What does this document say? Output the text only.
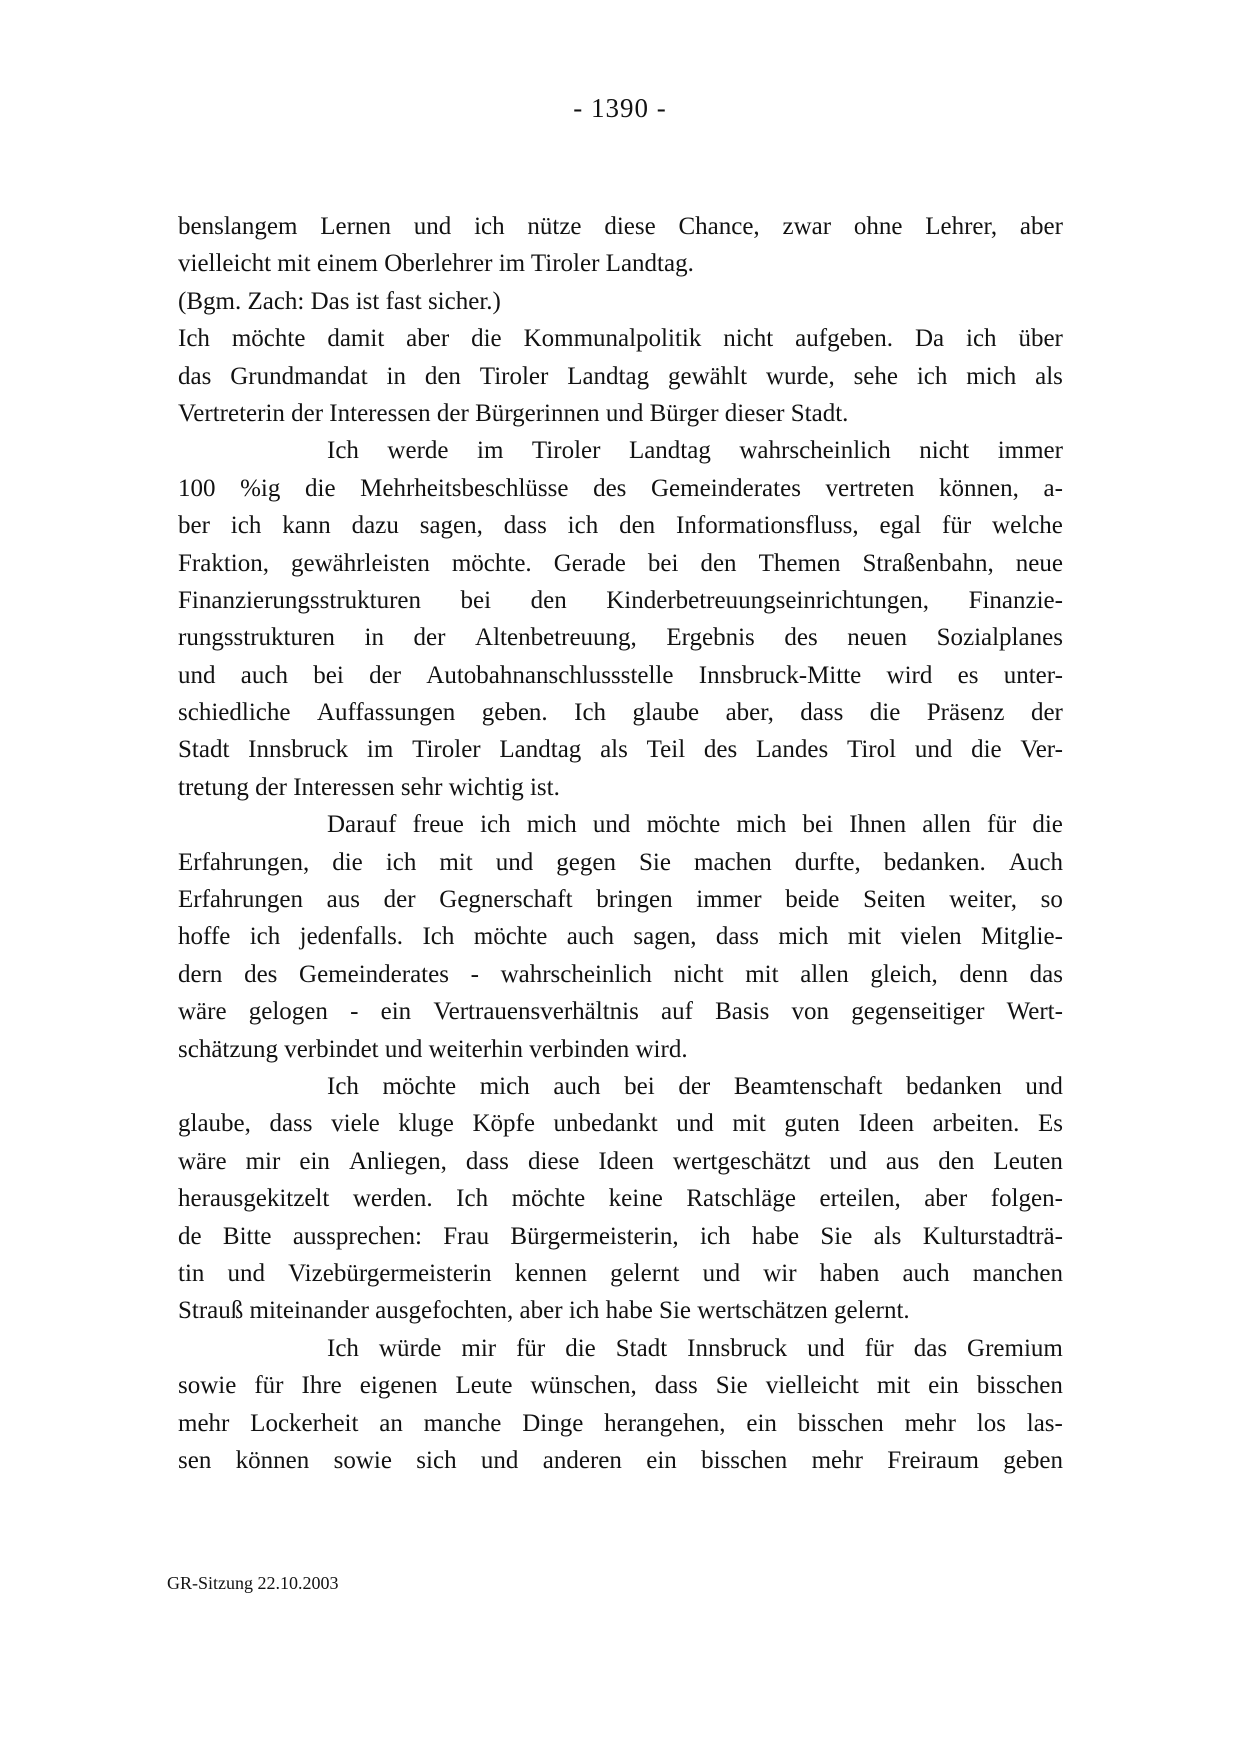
- 1390 -
benslangem Lernen und ich nütze diese Chance, zwar ohne Lehrer, aber
vielleicht mit einem Oberlehrer im Tiroler Landtag.
(Bgm. Zach: Das ist fast sicher.)
Ich möchte damit aber die Kommunalpolitik nicht aufgeben. Da ich über
das Grundmandat in den Tiroler Landtag gewählt wurde, sehe ich mich als
Vertreterin der Interessen der Bürgerinnen und Bürger dieser Stadt.
Ich werde im Tiroler Landtag wahrscheinlich nicht immer
100 %ig die Mehrheitsbeschlüsse des Gemeinderates vertreten können, a-
ber ich kann dazu sagen, dass ich den Informationsfluss, egal für welche
Fraktion, gewährleisten möchte. Gerade bei den Themen Straßenbahn, neue
Finanzierungsstrukturen bei den Kinderbetreuungseinrichtungen, Finanzie-
rungsstrukturen in der Altenbetreuung, Ergebnis des neuen Sozialplanes
und auch bei der Autobahnanschlussstelle Innsbruck-Mitte wird es unter-
schiedliche Auffassungen geben. Ich glaube aber, dass die Präsenz der
Stadt Innsbruck im Tiroler Landtag als Teil des Landes Tirol und die Ver-
tretung der Interessen sehr wichtig ist.
Darauf freue ich mich und möchte mich bei Ihnen allen für die
Erfahrungen, die ich mit und gegen Sie machen durfte, bedanken. Auch
Erfahrungen aus der Gegnerschaft bringen immer beide Seiten weiter, so
hoffe ich jedenfalls. Ich möchte auch sagen, dass mich mit vielen Mitglie-
dern des Gemeinderates - wahrscheinlich nicht mit allen gleich, denn das
wäre gelogen - ein Vertrauensverhältnis auf Basis von gegenseitiger Wert-
schätzung verbindet und weiterhin verbinden wird.
Ich möchte mich auch bei der Beamtenschaft bedanken und
glaube, dass viele kluge Köpfe unbedankt und mit guten Ideen arbeiten. Es
wäre mir ein Anliegen, dass diese Ideen wertgeschätzt und aus den Leuten
herausgekitzelt werden. Ich möchte keine Ratschläge erteilen, aber folgen-
de Bitte aussprechen: Frau Bürgermeisterin, ich habe Sie als Kulturstadträ-
tin und Vizebürgermeisterin kennen gelernt und wir haben auch manchen
Strauß miteinander ausgefochten, aber ich habe Sie wertschätzen gelernt.
Ich würde mir für die Stadt Innsbruck und für das Gremium
sowie für Ihre eigenen Leute wünschen, dass Sie vielleicht mit ein bisschen
mehr Lockerheit an manche Dinge herangehen, ein bisschen mehr los las-
sen können sowie sich und anderen ein bisschen mehr Freiraum geben
GR-Sitzung 22.10.2003
